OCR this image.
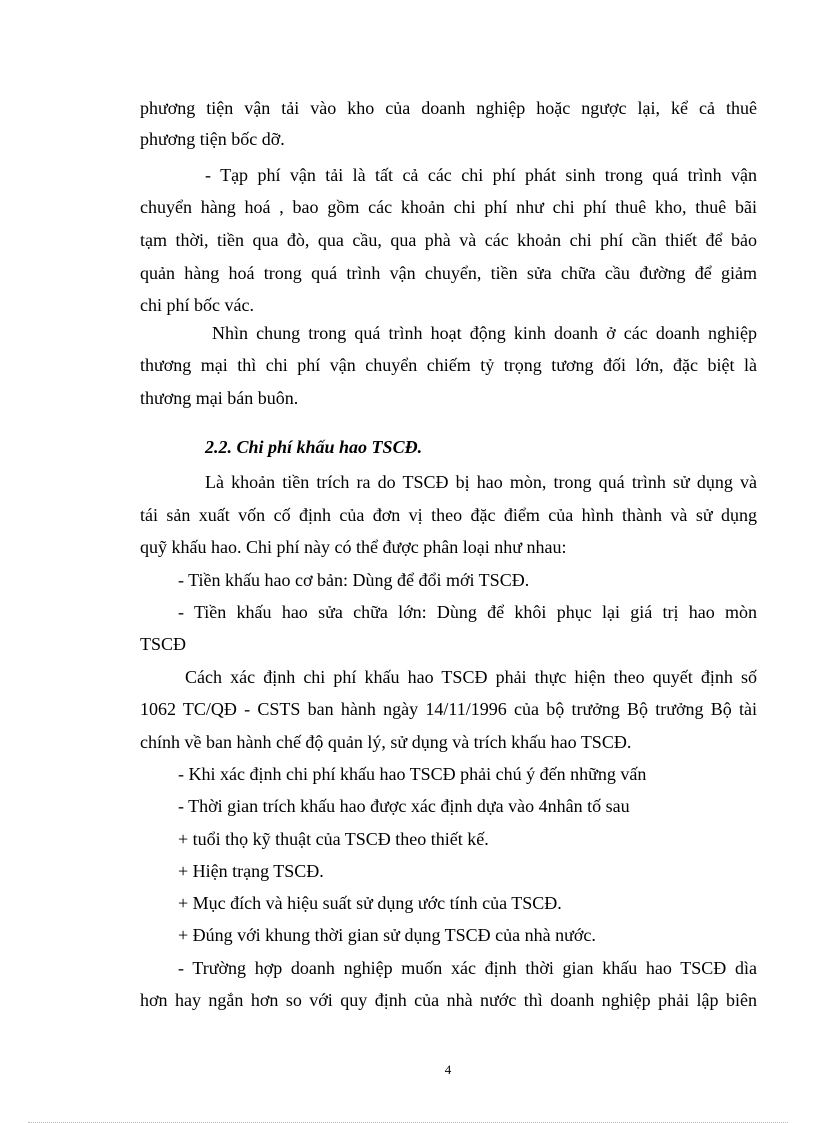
phương tiện vận tải vào kho của doanh nghiệp hoặc ngược lại, kể cả thuê
phương tiện bốc dỡ.
- Tạp phí vận tải là tất cả các chi phí phát sinh trong quá trình vận
chuyển hàng hoá , bao gồm các khoản chi phí như chi phí thuê kho, thuê bãi
tạm thời, tiền qua đò, qua cầu, qua phà và các khoản chi phí cần thiết để bảo
quản hàng hoá trong quá trình vận chuyển, tiền sửa chữa cầu đường để giảm
chi phí bốc vác.
Nhìn chung trong quá trình hoạt động kinh doanh ở các doanh nghiệp
thương mại thì chi phí vận chuyển chiếm tỷ trọng tương đối lớn, đặc biệt là
thương mại bán buôn.
2.2. Chi phí khấu hao TSCĐ.
Là khoản tiền trích ra do TSCĐ bị hao mòn, trong quá trình sử dụng và
tái sản xuất vốn cố định của đơn vị theo đặc điểm của hình thành và sử dụng
quỹ khấu hao. Chi phí này có thể được phân loại như nhau:
- Tiền khấu hao cơ bản: Dùng để đổi mới TSCĐ.
- Tiền khấu hao sửa chữa lớn: Dùng để khôi phục lại giá trị hao mòn
TSCĐ
Cách xác định chi phí khấu hao TSCĐ phải thực hiện theo quyết định số
1062 TC/QĐ - CSTS ban hành ngày 14/11/1996 của bộ trưởng Bộ trưởng Bộ tài
chính về ban hành chế độ quản lý, sử dụng và trích khấu hao TSCĐ.
- Khi xác định chi phí khấu hao TSCĐ phải chú ý đến những vấn
- Thời gian trích khấu hao được xác định dựa vào 4nhân tố sau
+ tuổi thọ kỹ thuật của TSCĐ theo thiết kế.
+ Hiện trạng TSCĐ.
+ Mục đích và hiệu suất sử dụng ước tính của TSCĐ.
+ Đúng với khung thời gian sử dụng TSCĐ của nhà nước.
- Trường hợp doanh nghiệp muốn xác định thời gian khấu hao TSCĐ dìa
hơn hay ngắn hơn so với quy định của nhà nước thì doanh nghiệp phải lập biên
4
